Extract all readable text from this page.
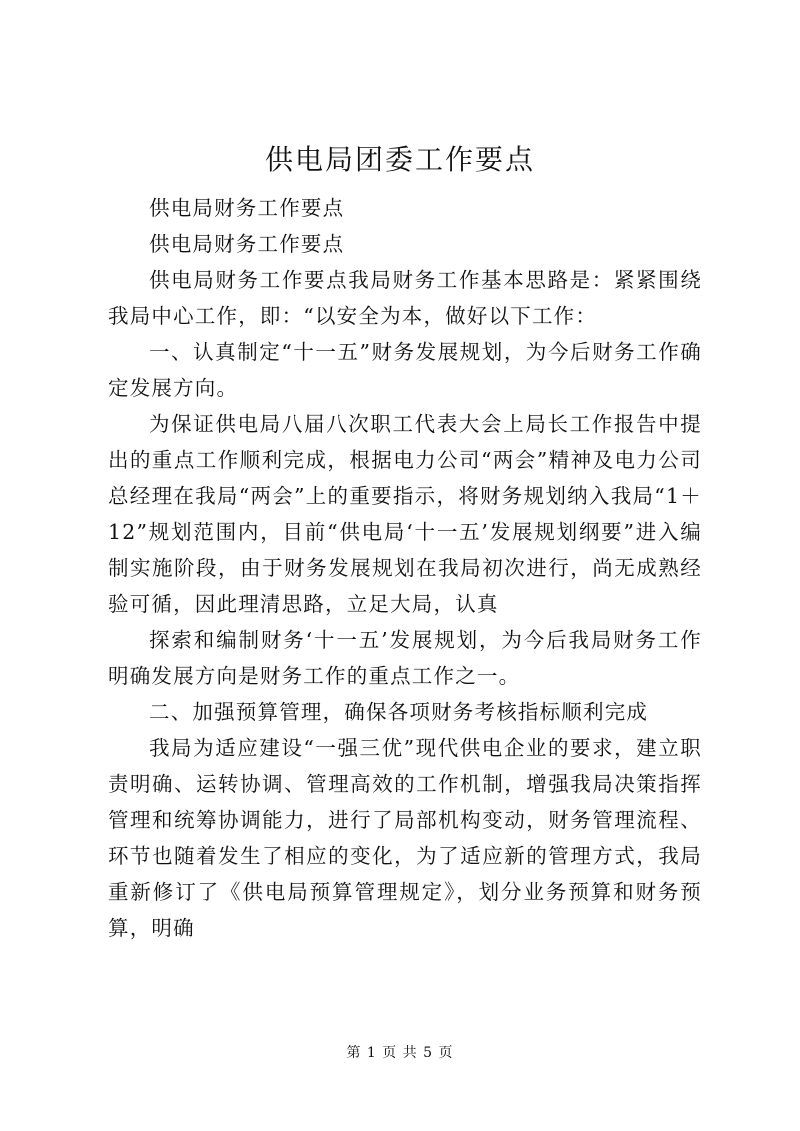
供电局团委工作要点

供电局财务工作要点

供电局财务工作要点

供电局财务工作要点我局财务工作基本思路是：紧紧围绕我局中心工作，即：“以安全为本，做好以下工作：

一、认真制定“十一五”财务发展规划，为今后财务工作确定发展方向。

为保证供电局八届八次职工代表大会上局长工作报告中提出的重点工作顺利完成，根据电力公司“两会”精神及电力公司总经理在我局“两会”上的重要指示，将财务规划纳入我局“1＋12”规划范围内，目前“供电局‘十一五’发展规划纲要”进入编制实施阶段，由于财务发展规划在我局初次进行，尚无成熟经验可循，因此理清思路，立足大局，认真

探索和编制财务‘十一五’发展规划，为今后我局财务工作明确发展方向是财务工作的重点工作之一。

二、加强预算管理，确保各项财务考核指标顺利完成

我局为适应建设“一强三优”现代供电企业的要求，建立职责明确、运转协调、管理高效的工作机制，增强我局决策指挥管理和统筹协调能力，进行了局部机构变动，财务管理流程、环节也随着发生了相应的变化，为了适应新的管理方式，我局重新修订了《供电局预算管理规定》，划分业务预算和财务预算，明确

第 1 页 共 5 页
